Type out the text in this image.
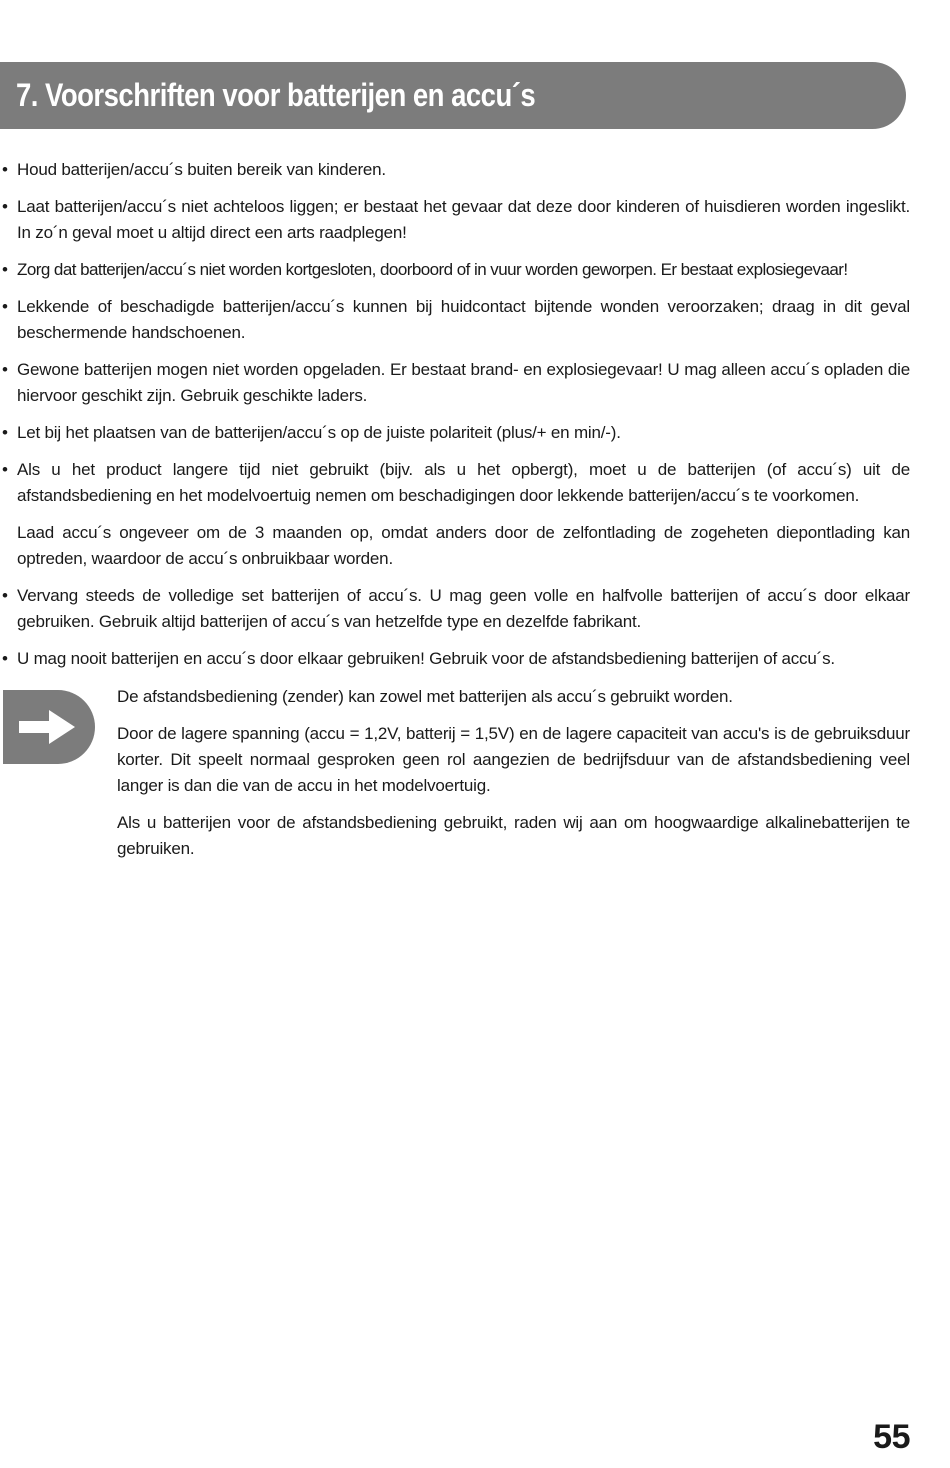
7. Voorschriften voor batterijen en accu´s
• Houd batterijen/accu´s buiten bereik van kinderen.
• Laat batterijen/accu´s niet achteloos liggen; er bestaat het gevaar dat deze door kinderen of huisdieren worden ingeslikt. In zo´n geval moet u altijd direct een arts raadplegen!
• Zorg dat batterijen/accu´s niet worden kortgesloten, doorboord of in vuur worden geworpen. Er bestaat explosiegevaar!
• Lekkende of beschadigde batterijen/accu´s kunnen bij huidcontact bijtende wonden veroorzaken; draag in dit geval beschermende handschoenen.
• Gewone batterijen mogen niet worden opgeladen. Er bestaat brand- en explosiegevaar! U mag alleen accu´s opladen die hiervoor geschikt zijn. Gebruik geschikte laders.
• Let bij het plaatsen van de batterijen/accu´s op de juiste polariteit (plus/+ en min/-).
• Als u het product langere tijd niet gebruikt (bijv. als u het opbergt), moet u de batterijen (of accu´s) uit de afstandsbediening en het modelvoertuig nemen om beschadigingen door lekkende batterijen/accu´s te voorkomen.
Laad accu´s ongeveer om de 3 maanden op, omdat anders door de zelfontlading de zogeheten diepontlading kan optreden, waardoor de accu´s onbruikbaar worden.
• Vervang steeds de volledige set batterijen of accu´s. U mag geen volle en halfvolle batterijen of accu´s door elkaar gebruiken. Gebruik altijd batterijen of accu´s van hetzelfde type en dezelfde fabrikant.
• U mag nooit batterijen en accu´s door elkaar gebruiken! Gebruik voor de afstandsbediening batterijen of accu´s.
De afstandsbediening (zender) kan zowel met batterijen als accu´s gebruikt worden.
Door de lagere spanning (accu = 1,2V, batterij = 1,5V) en de lagere capaciteit van accu's is de gebruiksduur korter. Dit speelt normaal gesproken geen rol aangezien de bedrijfsduur van de afstandsbediening veel langer is dan die van de accu in het modelvoertuig.
Als u batterijen voor de afstandsbediening gebruikt, raden wij aan om hoogwaardige alkalinebatterijen te gebruiken.
55
